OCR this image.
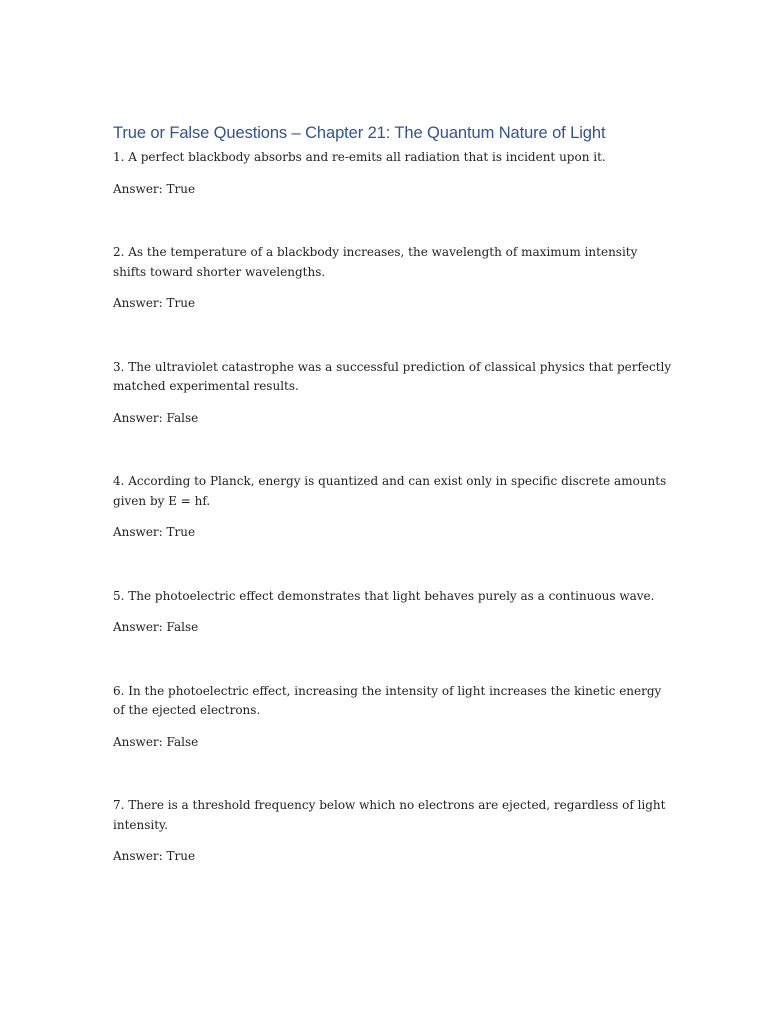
True or False Questions – Chapter 21: The Quantum Nature of Light

1. A perfect blackbody absorbs and re-emits all radiation that is incident upon it.

Answer: True

2. As the temperature of a blackbody increases, the wavelength of maximum intensity shifts toward shorter wavelengths.

Answer: True

3. The ultraviolet catastrophe was a successful prediction of classical physics that perfectly matched experimental results.

Answer: False

4. According to Planck, energy is quantized and can exist only in specific discrete amounts given by E = hf.

Answer: True

5. The photoelectric effect demonstrates that light behaves purely as a continuous wave.

Answer: False

6. In the photoelectric effect, increasing the intensity of light increases the kinetic energy of the ejected electrons.

Answer: False

7. There is a threshold frequency below which no electrons are ejected, regardless of light intensity.

Answer: True
